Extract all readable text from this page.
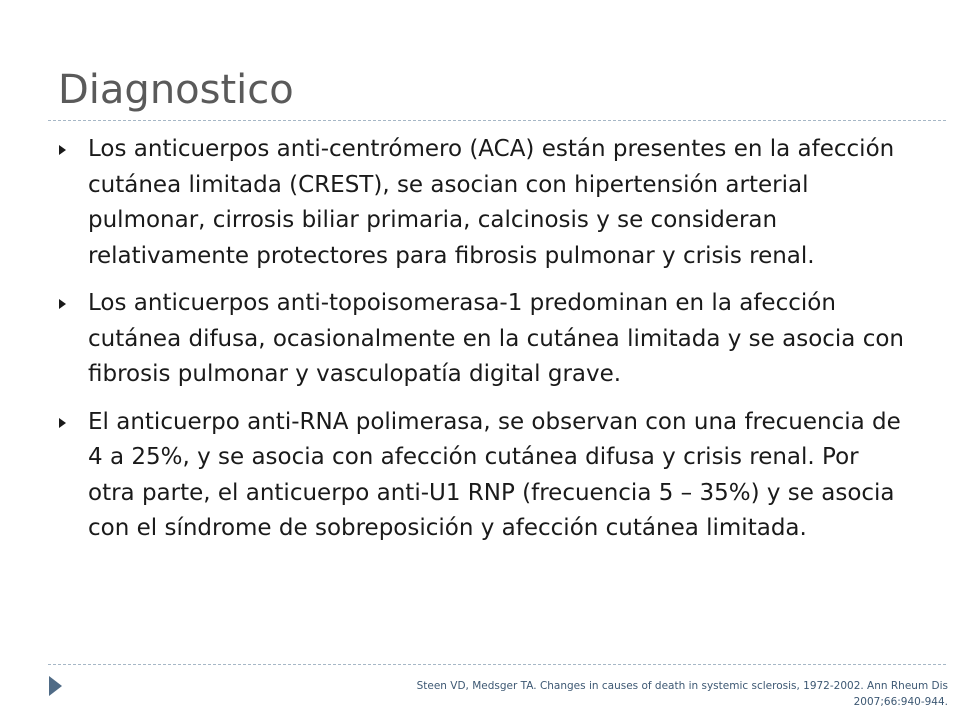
Diagnostico
Los anticuerpos anti-centrómero (ACA) están presentes en la afección cutánea limitada (CREST), se asocian con hipertensión arterial pulmonar, cirrosis biliar primaria, calcinosis y se consideran relativamente protectores para fibrosis pulmonar y crisis renal.
Los anticuerpos anti-topoisomerasa-1 predominan en la afección cutánea difusa, ocasionalmente en la cutánea limitada y se asocia con fibrosis pulmonar y vasculopatía digital grave.
El anticuerpo anti-RNA polimerasa, se observan con una frecuencia de 4 a 25%, y se asocia con afección cutánea difusa y crisis renal. Por otra parte, el anticuerpo anti-U1 RNP (frecuencia 5 – 35%) y se asocia con el síndrome de sobreposición y afección cutánea limitada.
Steen VD, Medsger TA. Changes in causes of death in systemic sclerosis, 1972-2002. Ann Rheum Dis
2007;66:940-944.
